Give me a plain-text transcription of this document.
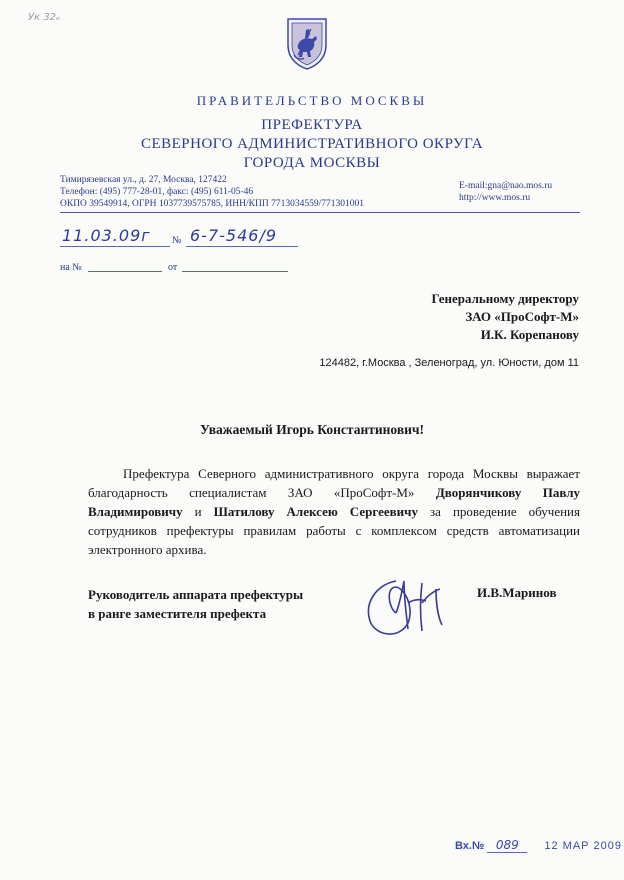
Ук 32ₑ
ПРАВИТЕЛЬСТВО МОСКВЫ
ПРЕФЕКТУРА
СЕВЕРНОГО АДМИНИСТРАТИВНОГО ОКРУГА
ГОРОДА МОСКВЫ
Тимирязевская ул., д. 27, Москва, 127422
Телефон: (495) 777-28-01, факс: (495) 611-05-46
ОКПО 39549914, ОГРН 1037739575785, ИНН/КПП 7713034559/771301001
E-mail:gna@nao.mos.ru
http://www.mos.ru
11.03.09г № 6-7-546/9
на №	от
Генеральному директору
ЗАО «ПроСофт-М»
И.К. Корепанову
124482, г.Москва , Зеленоград, ул. Юности, дом 11
Уважаемый Игорь Константинович!
Префектура Северного административного округа города Москвы выражает благодарность специалистам ЗАО «ПроСофт-М» Дворянчикову Павлу Владимировичу и Шатилову Алексею Сергеевичу за проведение обучения сотрудников префектуры правилам работы с комплексом средств автоматизации электронного архива.
Руководитель аппарата префектуры
в ранге заместителя префекта
И.В.Маринов
Вх.№ 089 12 МАР 2009
